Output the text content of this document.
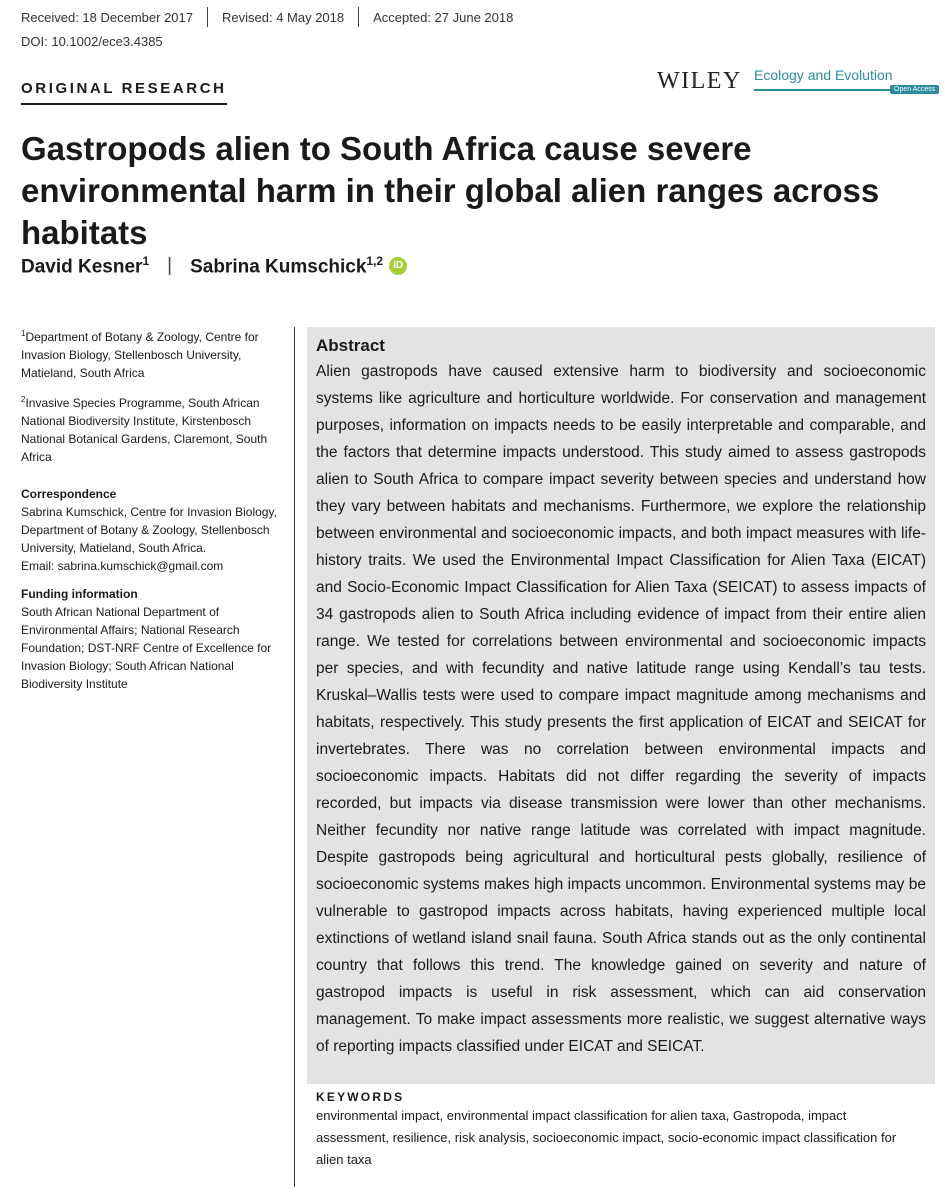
Received: 18 December 2017	Revised: 4 May 2018	Accepted: 27 June 2018
DOI: 10.1002/ece3.4385
ORIGINAL RESEARCH	WILEY Ecology and Evolution
Open Access
Gastropods alien to South Africa cause severe environmental harm in their global alien ranges across habitats
David Kesner$^1$ | Sabrina Kumschick$^{1,2}$	iD
$^1$Department of Botany & Zoology, Centre for Invasion Biology, Stellenbosch University, Matieland, South Africa
$^2$Invasive Species Programme, South African National Biodiversity Institute, Kirstenbosch National Botanical Gardens, Claremont, South Africa
Correspondence
Sabrina Kumschick, Centre for Invasion Biology, Department of Botany & Zoology, Stellenbosch University, Matieland, South Africa.
Email: sabrina.kumschick@gmail.com
Funding information
South African National Department of Environmental Affairs; National Research Foundation; DST-NRF Centre of Excellence for Invasion Biology; South African National Biodiversity Institute
Abstract
Alien gastropods have caused extensive harm to biodiversity and socioeconomic systems like agriculture and horticulture worldwide. For conservation and management purposes, information on impacts needs to be easily interpretable and comparable, and the factors that determine impacts understood. This study aimed to assess gastropods alien to South Africa to compare impact severity between species and understand how they vary between habitats and mechanisms. Furthermore, we explore the relationship between environmental and socioeconomic impacts, and both impact measures with life-history traits. We used the Environmental Impact Classification for Alien Taxa (EICAT) and Socio-Economic Impact Classification for Alien Taxa (SEICAT) to assess impacts of 34 gastropods alien to South Africa including evidence of impact from their entire alien range. We tested for correlations between environmental and socioeconomic impacts per species, and with fecundity and native latitude range using Kendall’s tau tests. Kruskal–Wallis tests were used to compare impact magnitude among mechanisms and habitats, respectively. This study presents the first application of EICAT and SEICAT for invertebrates. There was no correlation between environmental impacts and socioeconomic impacts. Habitats did not differ regarding the severity of impacts recorded, but impacts via disease transmission were lower than other mechanisms. Neither fecundity nor native range latitude was correlated with impact magnitude. Despite gastropods being agricultural and horticultural pests globally, resilience of socioeconomic systems makes high impacts uncommon. Environmental systems may be vulnerable to gastropod impacts across habitats, having experienced multiple local extinctions of wetland island snail fauna. South Africa stands out as the only continental country that follows this trend. The knowledge gained on severity and nature of gastropod impacts is useful in risk assessment, which can aid conservation management. To make impact assessments more realistic, we suggest alternative ways of reporting impacts classified under EICAT and SEICAT.
KEYWORDS
environmental impact, environmental impact classification for alien taxa, Gastropoda, impact assessment, resilience, risk analysis, socioeconomic impact, socio-economic impact classification for alien taxa
